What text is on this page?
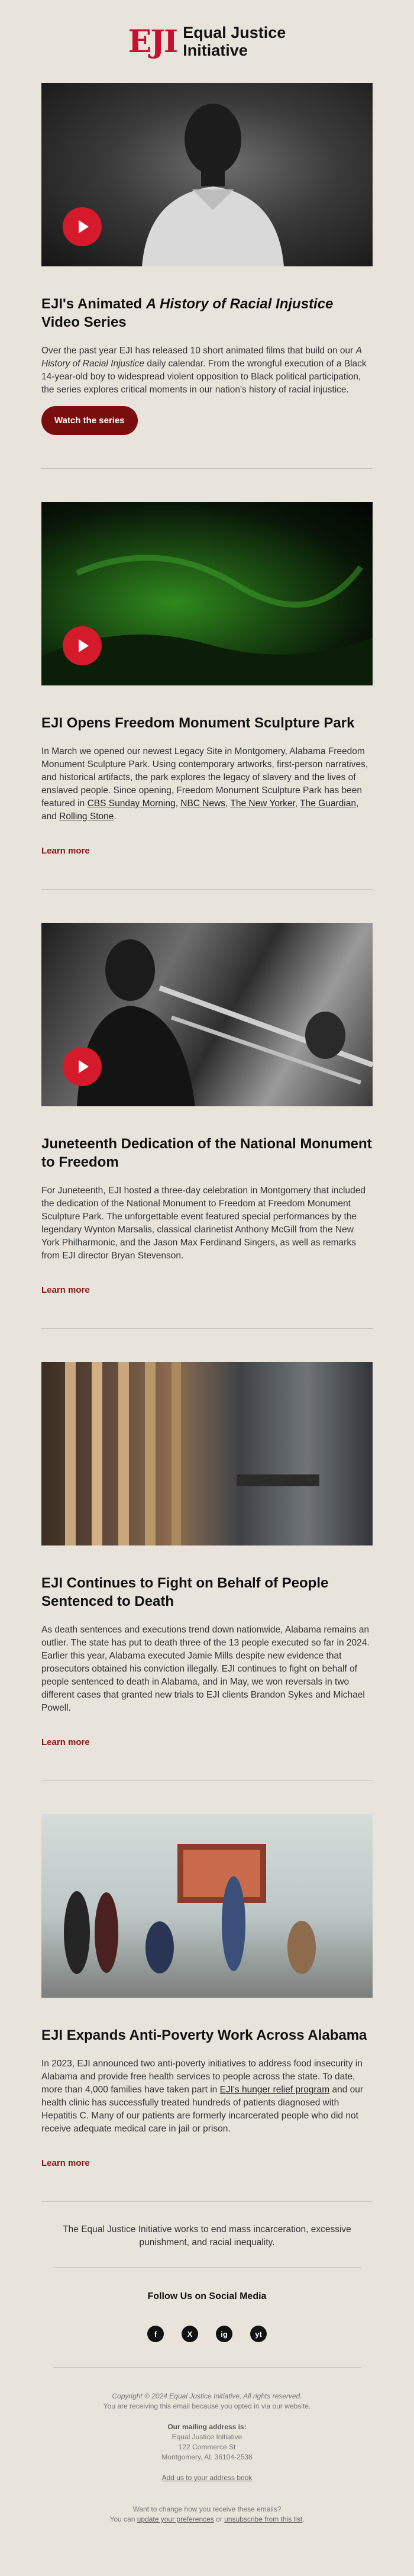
EJI Equal Justice
Initiative
EJI's Animated A History of Racial Injustice Video Series

Over the past year EJI has released 10 short animated films that build on our A History of Racial Injustice daily calendar. From the wrongful execution of a Black 14-year-old boy to widespread violent opposition to Black political participation, the series explores critical moments in our nation's history of racial injustice.

Watch the series
EJI Opens Freedom Monument Sculpture Park

In March we opened our newest Legacy Site in Montgomery, Alabama Freedom Monument Sculpture Park. Using contemporary artworks, first-person narratives, and historical artifacts, the park explores the legacy of slavery and the lives of enslaved people. Since opening, Freedom Monument Sculpture Park has been featured in CBS Sunday Morning, NBC News, The New Yorker, The Guardian, and Rolling Stone.

Learn more
Juneteenth Dedication of the National Monument to Freedom

For Juneteenth, EJI hosted a three-day celebration in Montgomery that included the dedication of the National Monument to Freedom at Freedom Monument Sculpture Park. The unforgettable event featured special performances by the legendary Wynton Marsalis, classical clarinetist Anthony McGill from the New York Philharmonic, and the Jason Max Ferdinand Singers, as well as remarks from EJI director Bryan Stevenson.

Learn more
EJI Continues to Fight on Behalf of People Sentenced to Death

As death sentences and executions trend down nationwide, Alabama remains an outlier. The state has put to death three of the 13 people executed so far in 2024. Earlier this year, Alabama executed Jamie Mills despite new evidence that prosecutors obtained his conviction illegally. EJI continues to fight on behalf of people sentenced to death in Alabama, and in May, we won reversals in two different cases that granted new trials to EJI clients Brandon Sykes and Michael Powell.

Learn more
EJI Expands Anti-Poverty Work Across Alabama

In 2023, EJI announced two anti-poverty initiatives to address food insecurity in Alabama and provide free health services to people across the state. To date, more than 4,000 families have taken part in EJI's hunger relief program and our health clinic has successfully treated hundreds of patients diagnosed with Hepatitis C. Many of our patients are formerly incarcerated people who did not receive adequate medical care in jail or prison.

Learn more

The Equal Justice Initiative works to end mass incarceration, excessive punishment, and racial inequality.

Follow Us on Social Media
f	X	ig	yt
Copyright © 2024 Equal Justice Initiative, All rights reserved.
You are receiving this email because you opted in via our website.
Our mailing address is:
Equal Justice Initiative
122 Commerce St
Montgomery, AL 36104-2538
Add us to your address book
Want to change how you receive these emails?
You can update your preferences or unsubscribe from this list.
